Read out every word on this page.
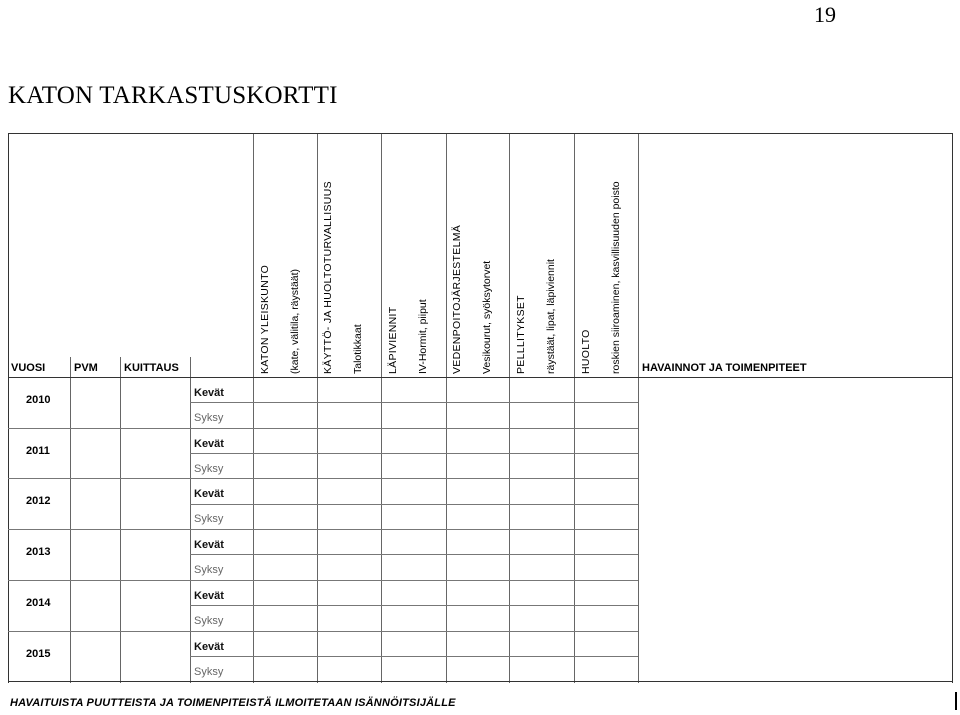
19
KATON TARKASTUSKORTTI
VUOSI	PVM KUITTAUS	HAVAINNOT JA TOIMENPITEET
KATON YLEISKUNTO (kate, välitila, räystäät) KÄYTTÖ- JA HUOLTOTURVALLISUUS Talotikkaat LÄPIVIENNIT IV-Hormit, piiput VEDENPOITOJÄRJESTELMÄ Vesikourut, syöksytorvet PELLLITYKSET räystäät, lipat, läpiviennit HUOLTO roskien siiroaminen, kasvillisuuden poisto
2010
Kevät
Syksy
2011
Kevät
Syksy
2012
Kevät
Syksy
2013
Kevät
Syksy
2014
Kevät
Syksy
2015
Kevät
Syksy
HAVAITUISTA PUUTTEISTA JA TOIMENPITEISTÄ ILMOITETAAN ISÄNNÖITSIJÄLLE
